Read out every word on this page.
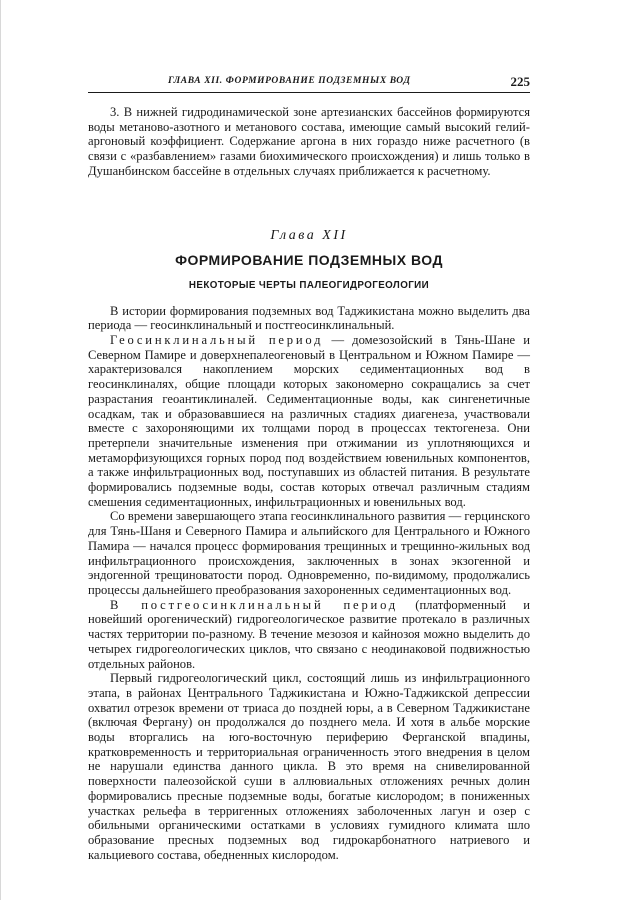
ГЛАВА XII. ФОРМИРОВАНИЕ ПОДЗЕМНЫХ ВОД	225

3. В нижней гидродинамической зоне артезианских бассейнов формируются воды метаново-азотного и метанового состава, имеющие самый высокий гелий-аргоновый коэффициент. Содержание аргона в них гораздо ниже расчетного (в связи с «разбавлением» газами биохимического происхождения) и лишь только в Душанбинском бассейне в отдельных случаях приближается к расчетному.

Глава XII
ФОРМИРОВАНИЕ ПОДЗЕМНЫХ ВОД
НЕКОТОРЫЕ ЧЕРТЫ ПАЛЕОГИДРОГЕОЛОГИИ

В истории формирования подземных вод Таджикистана можно выделить два периода — геосинклинальный и постгеосинклинальный.

Геосинклинальный период — домезозойский в Тянь-Шане и Северном Памире и доверхнепалеогеновый в Центральном и Южном Памире — характеризовался накоплением морских седиментационных вод в геосинклиналях, общие площади которых закономерно сокращались за счет разрастания геоантиклиналей. Седиментационные воды, как сингенетичные осадкам, так и образовавшиеся на различных стадиях диагенеза, участвовали вместе с захороняющими их толщами пород в процессах тектогенеза. Они претерпели значительные изменения при отжимании из уплотняющихся и метаморфизующихся горных пород под воздействием ювенильных компонентов, а также инфильтрационных вод, поступавших из областей питания. В результате формировались подземные воды, состав которых отвечал различным стадиям смешения седиментационных, инфильтрационных и ювенильных вод.

Со времени завершающего этапа геосинклинального развития — герцинского для Тянь-Шаня и Северного Памира и альпийского для Центрального и Южного Памира — начался процесс формирования трещинных и трещинно-жильных вод инфильтрационного происхождения, заключенных в зонах экзогенной и эндогенной трещиноватости пород. Одновременно, по-видимому, продолжались процессы дальнейшего преобразования захороненных седиментационных вод.

В постгеосинклинальный период (платформенный и новейший орогенический) гидрогеологическое развитие протекало в различных частях территории по-разному. В течение мезозоя и кайнозоя можно выделить до четырех гидрогеологических циклов, что связано с неодинаковой подвижностью отдельных районов.

Первый гидрогеологический цикл, состоящий лишь из инфильтрационного этапа, в районах Центрального Таджикистана и Южно-Таджикской депрессии охватил отрезок времени от триаса до поздней юры, а в Северном Таджикистане (включая Фергану) он продолжался до позднего мела. И хотя в альбе морские воды вторгались на юго-восточную периферию Ферганской впадины, кратковременность и территориальная ограниченность этого внедрения в целом не нарушали единства данного цикла. В это время на снивелированной поверхности палеозойской суши в аллювиальных отложениях речных долин формировались пресные подземные воды, богатые кислородом; в пониженных участках рельефа в терригенных отложениях заболоченных лагун и озер с обильными органическими остатками в условиях гумидного климата шло образование пресных подземных вод гидрокарбонатного натриевого и кальциевого состава, обедненных кислородом.
